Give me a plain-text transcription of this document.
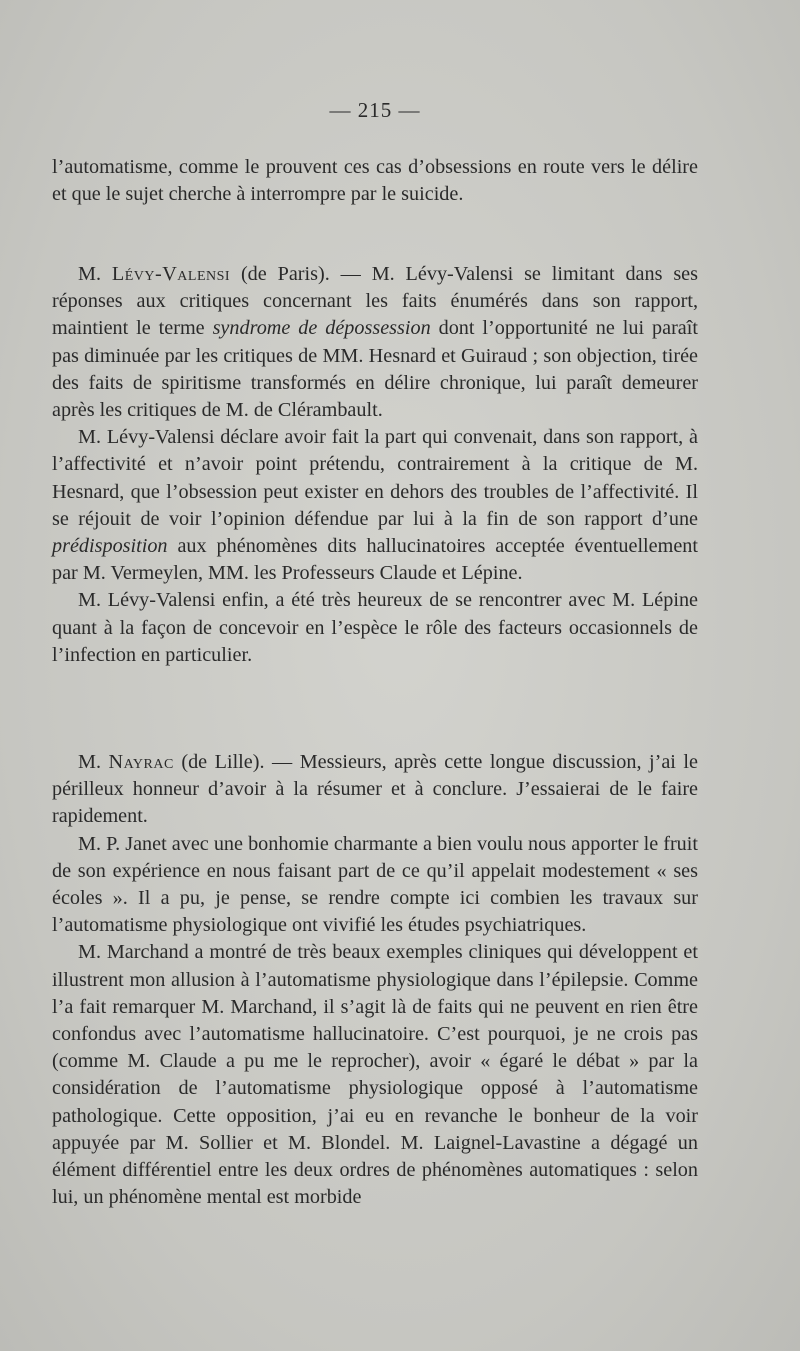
— 215 —

l’automatisme, comme le prouvent ces cas d’obsessions en route vers le délire et que le sujet cherche à interrompre par le suicide.

M. Lévy-Valensi (de Paris). — M. Lévy-Valensi se limitant dans ses réponses aux critiques concernant les faits énumérés dans son rapport, maintient le terme syndrome de dépossession dont l’opportunité ne lui paraît pas diminuée par les critiques de MM. Hesnard et Guiraud ; son objection, tirée des faits de spiritisme transformés en délire chronique, lui paraît demeurer après les critiques de M. de Clérambault.

M. Lévy-Valensi déclare avoir fait la part qui convenait, dans son rapport, à l’affectivité et n’avoir point prétendu, contrairement à la critique de M. Hesnard, que l’obsession peut exister en dehors des troubles de l’affectivité. Il se réjouit de voir l’opinion défendue par lui à la fin de son rapport d’une prédisposition aux phénomènes dits hallucinatoires acceptée éventuellement par M. Vermeylen, MM. les Professeurs Claude et Lépine.

M. Lévy-Valensi enfin, a été très heureux de se rencontrer avec M. Lépine quant à la façon de concevoir en l’espèce le rôle des facteurs occasionnels de l’infection en particulier.

M. Nayrac (de Lille). — Messieurs, après cette longue discussion, j’ai le périlleux honneur d’avoir à la résumer et à conclure. J’essaierai de le faire rapidement.

M. P. Janet avec une bonhomie charmante a bien voulu nous apporter le fruit de son expérience en nous faisant part de ce qu’il appelait modestement « ses écoles ». Il a pu, je pense, se rendre compte ici combien les travaux sur l’automatisme physiologique ont vivifié les études psychiatriques.

M. Marchand a montré de très beaux exemples cliniques qui développent et illustrent mon allusion à l’automatisme physiologique dans l’épilepsie. Comme l’a fait remarquer M. Marchand, il s’agit là de faits qui ne peuvent en rien être confondus avec l’automatisme hallucinatoire. C’est pourquoi, je ne crois pas (comme M. Claude a pu me le reprocher), avoir « égaré le débat » par la considération de l’automatisme physiologique opposé à l’automatisme pathologique. Cette opposition, j’ai eu en revanche le bonheur de la voir appuyée par M. Sollier et M. Blondel. M. Laignel-Lavastine a dégagé un élément différentiel entre les deux ordres de phénomènes automatiques : selon lui, un phénomène mental est morbide
